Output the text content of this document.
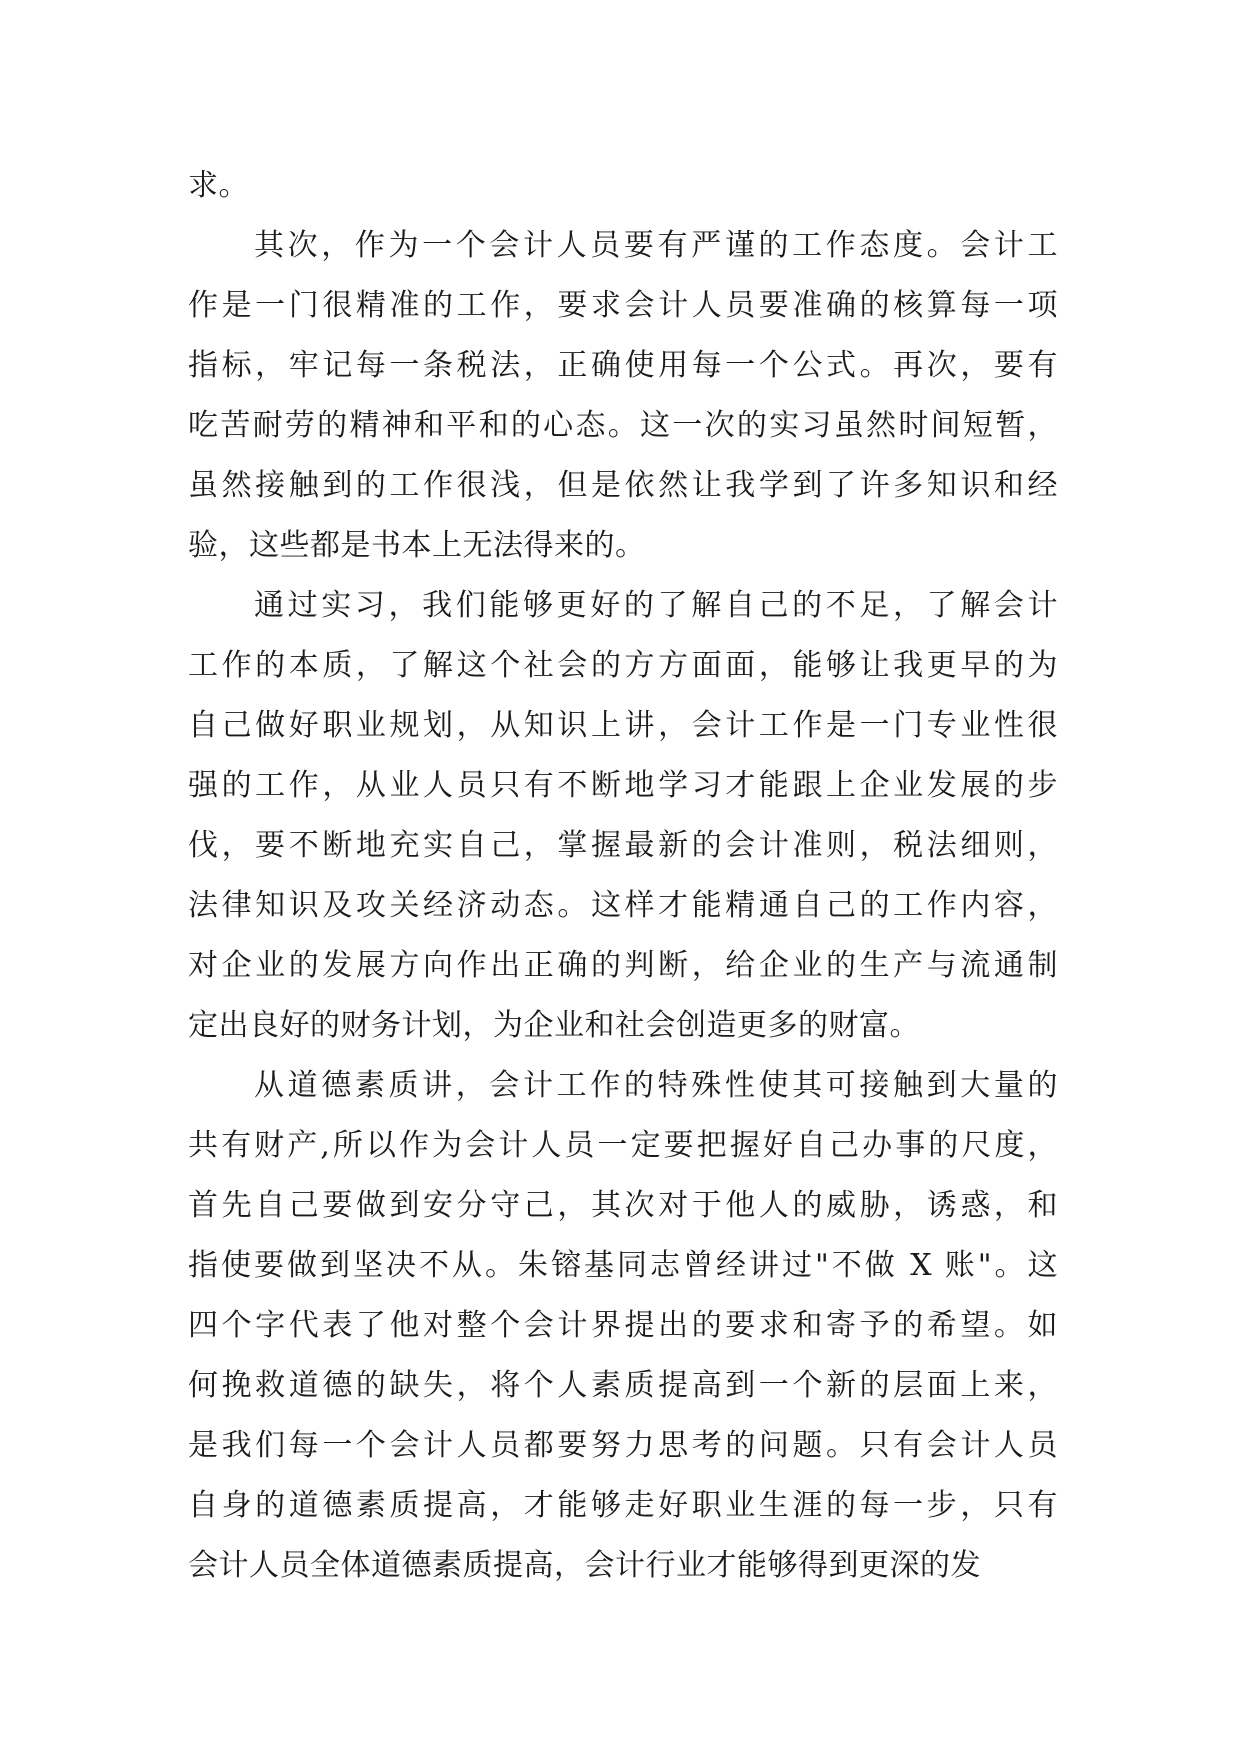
求。
其次，作为一个会计人员要有严谨的工作态度。会计工
作是一门很精准的工作，要求会计人员要准确的核算每一项
指标，牢记每一条税法，正确使用每一个公式。再次，要有
吃苦耐劳的精神和平和的心态。这一次的实习虽然时间短暂，
虽然接触到的工作很浅，但是依然让我学到了许多知识和经
验，这些都是书本上无法得来的。
通过实习，我们能够更好的了解自己的不足，了解会计
工作的本质，了解这个社会的方方面面，能够让我更早的为
自己做好职业规划，从知识上讲，会计工作是一门专业性很
强的工作，从业人员只有不断地学习才能跟上企业发展的步
伐，要不断地充实自己，掌握最新的会计准则，税法细则，
法律知识及攻关经济动态。这样才能精通自己的工作内容，
对企业的发展方向作出正确的判断，给企业的生产与流通制
定出良好的财务计划，为企业和社会创造更多的财富。
从道德素质讲，会计工作的特殊性使其可接触到大量的
共有财产,所以作为会计人员一定要把握好自己办事的尺度，
首先自己要做到安分守己，其次对于他人的威胁，诱惑，和
指使要做到坚决不从。朱镕基同志曾经讲过"不做 X 账"。这
四个字代表了他对整个会计界提出的要求和寄予的希望。如
何挽救道德的缺失，将个人素质提高到一个新的层面上来，
是我们每一个会计人员都要努力思考的问题。只有会计人员
自身的道德素质提高，才能够走好职业生涯的每一步，只有
会计人员全体道德素质提高，会计行业才能够得到更深的发
